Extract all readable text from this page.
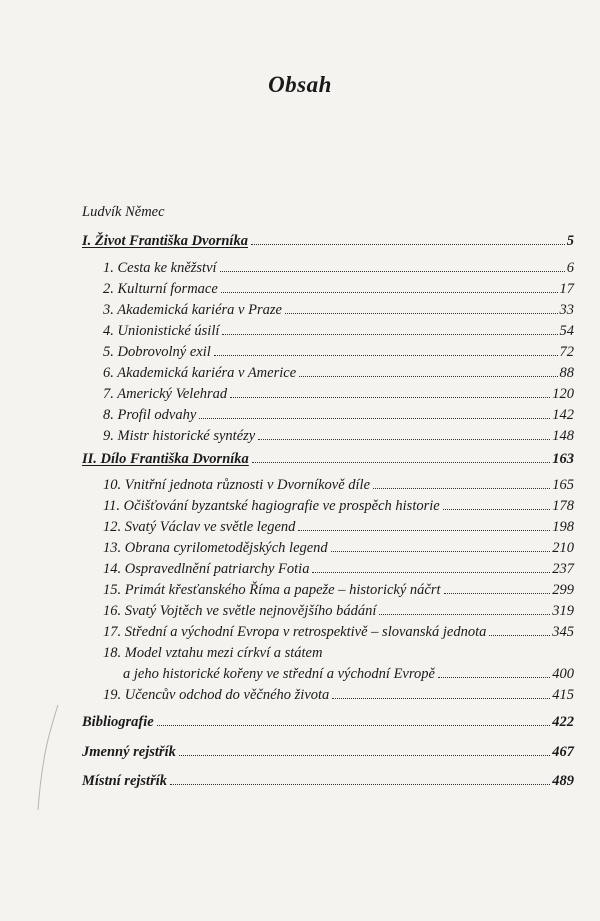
Obsah
Ludvík Němec
I. Život Františka Dvorníka	5
1. Cesta ke kněžství	6
2. Kulturní formace	17
3. Akademická kariéra v Praze	33
4. Unionistické úsilí	54
5. Dobrovolný exil	72
6. Akademická kariéra v Americe	88
7. Americký Velehrad	120
8. Profil odvahy	142
9. Mistr historické syntézy	148
II. Dílo Františka Dvorníka	163
10. Vnitřní jednota různosti v Dvorníkově díle	165
11. Očišťování byzantské hagiografie ve prospěch historie	178
12. Svatý Václav ve světle legend	198
13. Obrana cyrilometodějských legend	210
14. Ospravedlnění patriarchy Fotia	237
15. Primát křesťanského Říma a papeže – historický náčrt	299
16. Svatý Vojtěch ve světle nejnovějšího bádání	319
17. Střední a východní Evropa v retrospektivě – slovanská jednota	345
18. Model vztahu mezi církví a státem
a jeho historické kořeny ve střední a východní Evropě	400
19. Učencův odchod do věčného života	415
Bibliografie	422
Jmenný rejstřík	467
Místní rejstřík	489
